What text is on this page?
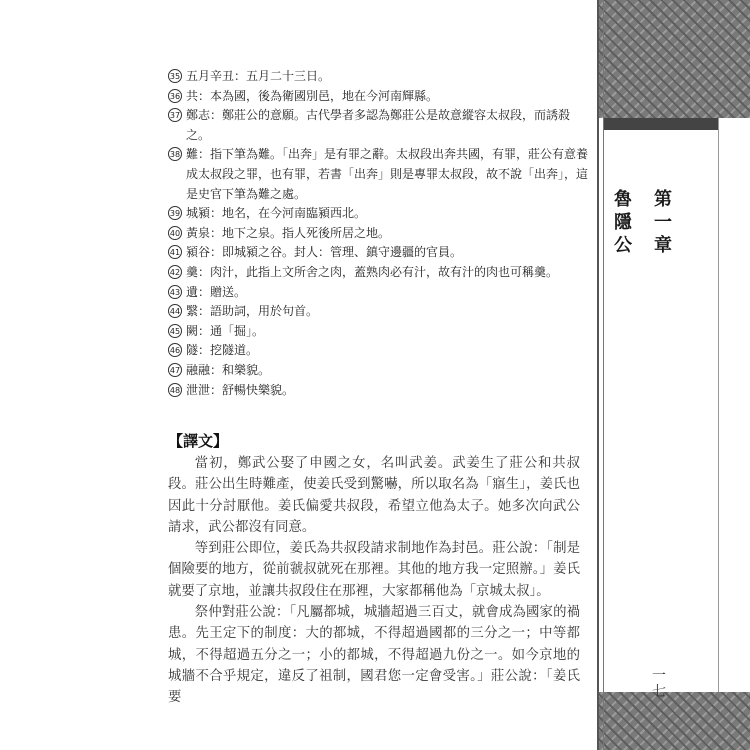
35 五月辛丑：五月二十三日。
36 共：本為國，後為衛國別邑，地在今河南輝縣。
37 鄭志：鄭莊公的意願。古代學者多認為鄭莊公是故意縱容太叔段，而誘殺之。
38 難：指下筆為難。「出奔」是有罪之辭。太叔段出奔共國，有罪，莊公有意養成太叔段之罪，也有罪，若書「出奔」則是專罪太叔段，故不說「出奔」，這是史官下筆為難之處。
39 城潁：地名，在今河南臨潁西北。
40 黃泉：地下之泉。指人死後所居之地。
41 潁谷：即城潁之谷。封人：管理、鎮守邊疆的官員。
42 羹：肉汁，此指上文所舍之肉，蓋熟肉必有汁，故有汁的肉也可稱羹。
43 遺：贈送。
44 繄：語助詞，用於句首。
45 闕：通「掘」。
46 隧：挖隧道。
47 融融：和樂貌。
48 泄泄：舒暢快樂貌。
【譯文】

當初，鄭武公娶了申國之女，名叫武姜。武姜生了莊公和共叔段。莊公出生時難產，使姜氏受到驚嚇，所以取名為「寤生」，姜氏也因此十分討厭他。姜氏偏愛共叔段，希望立他為太子。她多次向武公請求，武公都沒有同意。

等到莊公即位，姜氏為共叔段請求制地作為封邑。莊公說：「制是個險要的地方，從前虢叔就死在那裡。其他的地方我一定照辦。」姜氏就要了京地，並讓共叔段住在那裡，大家都稱他為「京城太叔」。

祭仲對莊公說：「凡屬都城，城牆超過三百丈，就會成為國家的禍患。先王定下的制度：大的都城，不得超過國都的三分之一；中等都城，不得超過五分之一；小的都城，不得超過九份之一。如今京地的城牆不合乎規定，違反了祖制，國君您一定會受害。」莊公說：「姜氏要

第
一
章
魯
隱
公
一
七
